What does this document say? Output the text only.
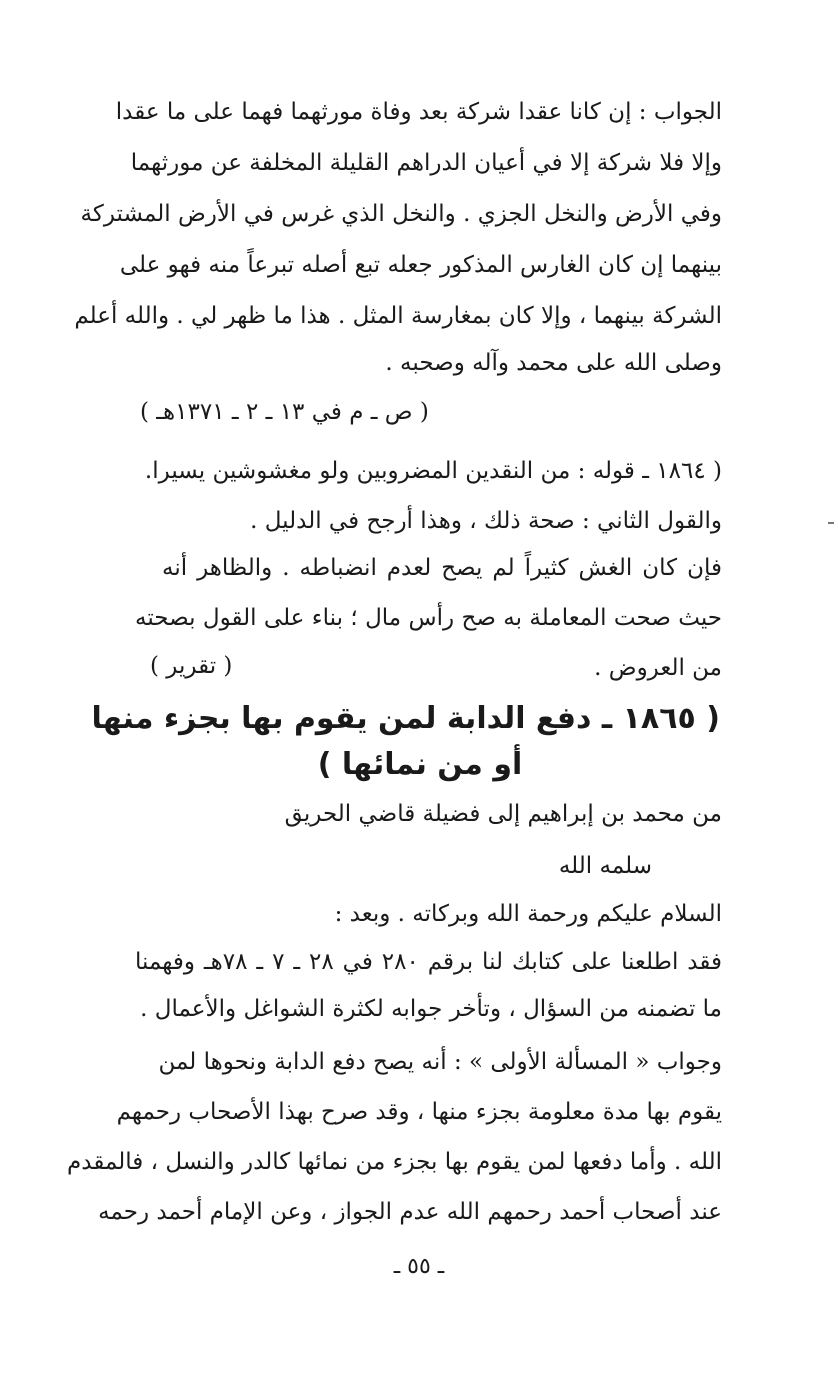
الجواب : إن كانا عقدا شركة بعد وفاة مورثهما فهما على ما عقدا
وإلا فلا شركة إلا في أعيان الدراهم القليلة المخلفة عن مورثهما
وفي الأرض والنخل الجزي . والنخل الذي غرس في الأرض المشتركة
بينهما إن كان الغارس المذكور جعله تبع أصله تبرعاً منه فهو على
الشركة بينهما ، وإلا كان بمغارسة المثل . هذا ما ظهر لي . والله أعلم
وصلى الله على محمد وآله وصحبه .
( ص ـ م في ١٣ ـ ٢ ـ ١٣٧١هـ )
( ١٨٦٤ ـ قوله : من النقدين المضروبين ولو مغشوشين يسيرا.
والقول الثاني : صحة ذلك ، وهذا أرجح في الدليل .
فإن كان الغش كثيراً لم يصح لعدم انضباطه . والظاهر أنه
حيث صحت المعاملة به صح رأس مال ؛ بناء على القول بصحته
من العروض .
( تقرير )
( ١٨٦٥ ـ دفع الدابة لمن يقوم بها بجزء منها
أو من نمائها )
من محمد بن إبراهيم إلى فضيلة قاضي الحريق
سلمه الله
السلام عليكم ورحمة الله وبركاته . وبعد :
فقد اطلعنا على كتابك لنا برقم ٢٨٠ في ٢٨ ـ ٧ ـ ٧٨هـ وفهمنا
ما تضمنه من السؤال ، وتأخر جوابه لكثرة الشواغل والأعمال .
وجواب « المسألة الأولى » : أنه يصح دفع الدابة ونحوها لمن
يقوم بها مدة معلومة بجزء منها ، وقد صرح بهذا الأصحاب رحمهم
الله . وأما دفعها لمن يقوم بها بجزء من نمائها كالدر والنسل ، فالمقدم
عند أصحاب أحمد رحمهم الله عدم الجواز ، وعن الإمام أحمد رحمه
ـ ٥٥ ـ
